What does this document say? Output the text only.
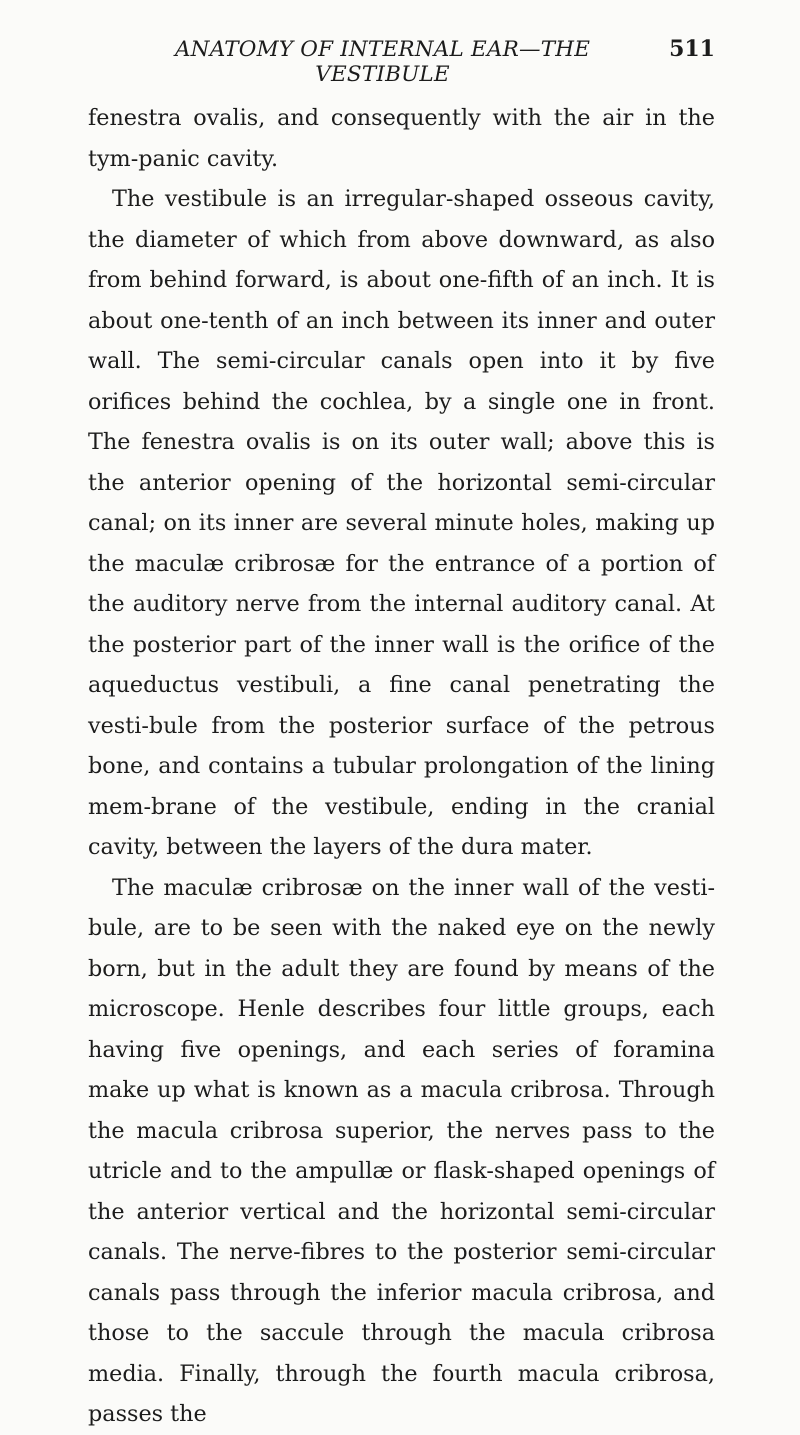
ANATOMY OF INTERNAL EAR—THE VESTIBULE
511

fenestra ovalis, and consequently with the air in the tym-panic cavity.

The vestibule is an irregular-shaped osseous cavity, the diameter of which from above downward, as also from behind forward, is about one-fifth of an inch. It is about one-tenth of an inch between its inner and outer wall. The semi-circular canals open into it by five orifices behind the cochlea, by a single one in front. The fenestra ovalis is on its outer wall; above this is the anterior opening of the horizontal semi-circular canal; on its inner are several minute holes, making up the maculæ cribrosæ for the entrance of a portion of the auditory nerve from the internal auditory canal. At the posterior part of the inner wall is the orifice of the aqueductus vestibuli, a fine canal penetrating the vesti-bule from the posterior surface of the petrous bone, and contains a tubular prolongation of the lining mem-brane of the vestibule, ending in the cranial cavity, between the layers of the dura mater.

The maculæ cribrosæ on the inner wall of the vesti-bule, are to be seen with the naked eye on the newly born, but in the adult they are found by means of the microscope. Henle describes four little groups, each having five openings, and each series of foramina make up what is known as a macula cribrosa. Through the macula cribrosa superior, the nerves pass to the utricle and to the ampullæ or flask-shaped openings of the anterior vertical and the horizontal semi-circular canals. The nerve-fibres to the posterior semi-circular canals pass through the inferior macula cribrosa, and those to the saccule through the macula cribrosa media. Finally, through the fourth macula cribrosa, passes the
